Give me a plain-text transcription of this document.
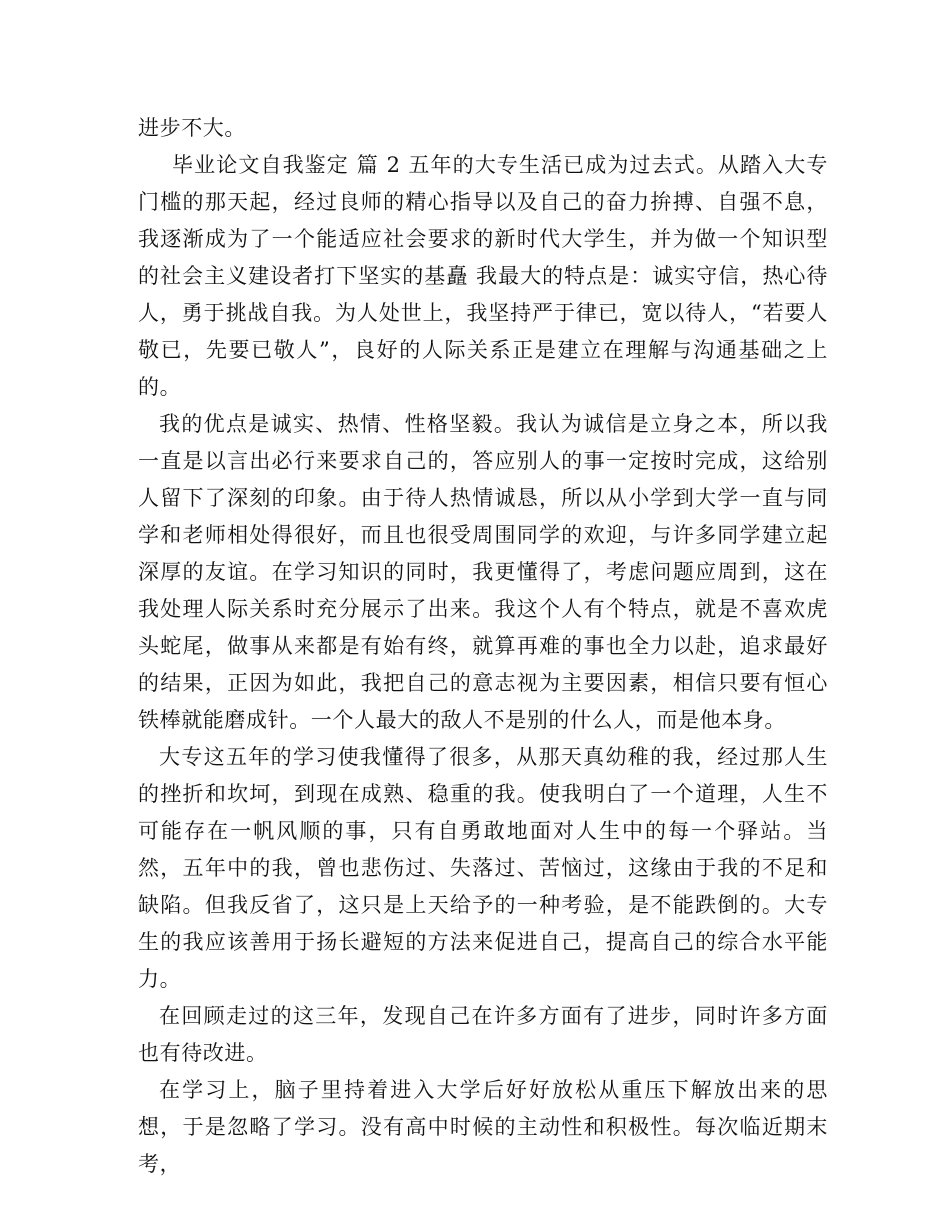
进步不大。

毕业论文自我鉴定 篇 2 五年的大专生活已成为过去式。从踏入大专门槛的那天起，经过良师的精心指导以及自己的奋力拚搏、自强不息，我逐渐成为了一个能适应社会要求的新时代大学生，并为做一个知识型的社会主义建设者打下坚实的基矗 我最大的特点是：诚实守信，热心待人，勇于挑战自我。为人处世上，我坚持严于律已，宽以待人，“若要人敬已，先要已敬人”，良好的人际关系正是建立在理解与沟通基础之上的。

我的优点是诚实、热情、性格坚毅。我认为诚信是立身之本，所以我一直是以言出必行来要求自己的，答应别人的事一定按时完成，这给别人留下了深刻的印象。由于待人热情诚恳，所以从小学到大学一直与同学和老师相处得很好，而且也很受周围同学的欢迎，与许多同学建立起深厚的友谊。在学习知识的同时，我更懂得了，考虑问题应周到，这在我处理人际关系时充分展示了出来。我这个人有个特点，就是不喜欢虎头蛇尾，做事从来都是有始有终，就算再难的事也全力以赴，追求最好的结果，正因为如此，我把自己的意志视为主要因素，相信只要有恒心铁棒就能磨成针。一个人最大的敌人不是别的什么人，而是他本身。

大专这五年的学习使我懂得了很多，从那天真幼稚的我，经过那人生的挫折和坎坷，到现在成熟、稳重的我。使我明白了一个道理，人生不可能存在一帆风顺的事，只有自勇敢地面对人生中的每一个驿站。当然，五年中的我，曾也悲伤过、失落过、苦恼过，这缘由于我的不足和缺陷。但我反省了，这只是上天给予的一种考验，是不能跌倒的。大专生的我应该善用于扬长避短的方法来促进自己，提高自己的综合水平能力。

在回顾走过的这三年，发现自己在许多方面有了进步，同时许多方面也有待改进。

在学习上，脑子里持着进入大学后好好放松从重压下解放出来的思想，于是忽略了学习。没有高中时候的主动性和积极性。每次临近期末考，
